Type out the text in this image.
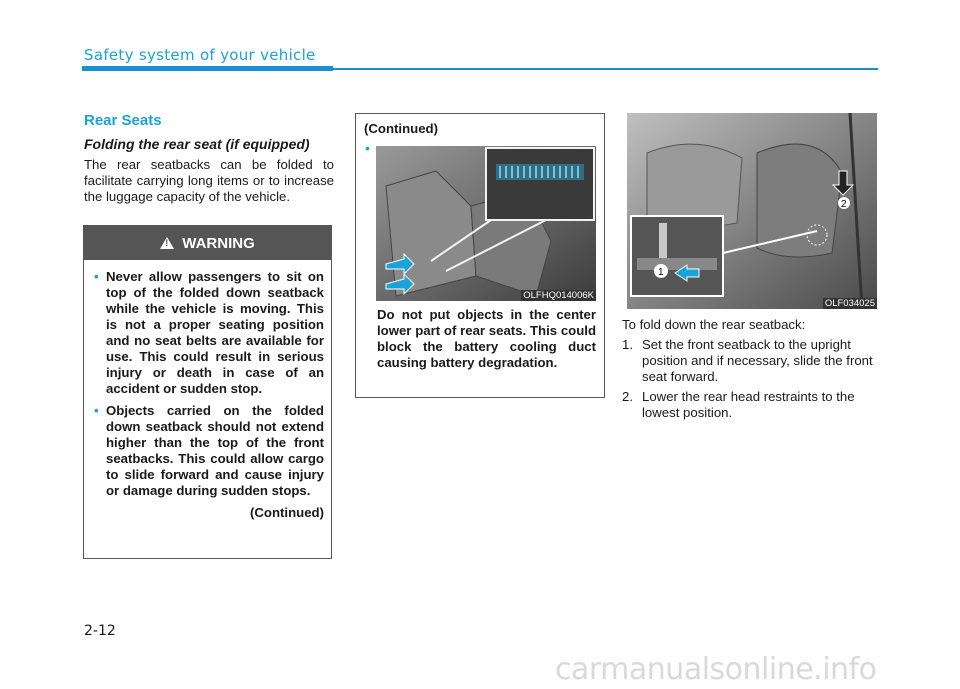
Safety system of your vehicle
Rear Seats
Folding the rear seat (if equipped)
The rear seatbacks can be folded to facilitate carrying long items or to increase the luggage capacity of the vehicle.
!
WARNING
• Never allow passengers to sit on top of the folded down seatback while the vehicle is moving. This is not a proper seating position and no seat belts are available for use. This could result in serious injury or death in case of an accident or sudden stop.
• Objects carried on the folded down seatback should not extend higher than the top of the front seatbacks. This could allow cargo to slide forward and cause injury or damage during sudden stops.
(Continued)
(Continued)
•
OLFHQ014006K
Do not put objects in the center lower part of rear seats. This could block the battery cooling duct causing battery degradation.
1
2
OLF034025
To fold down the rear seatback:
1. Set the front seatback to the upright position and if necessary, slide the front seat forward.
2. Lower the rear head restraints to the lowest position.
2-12
carmanualsonline.info
